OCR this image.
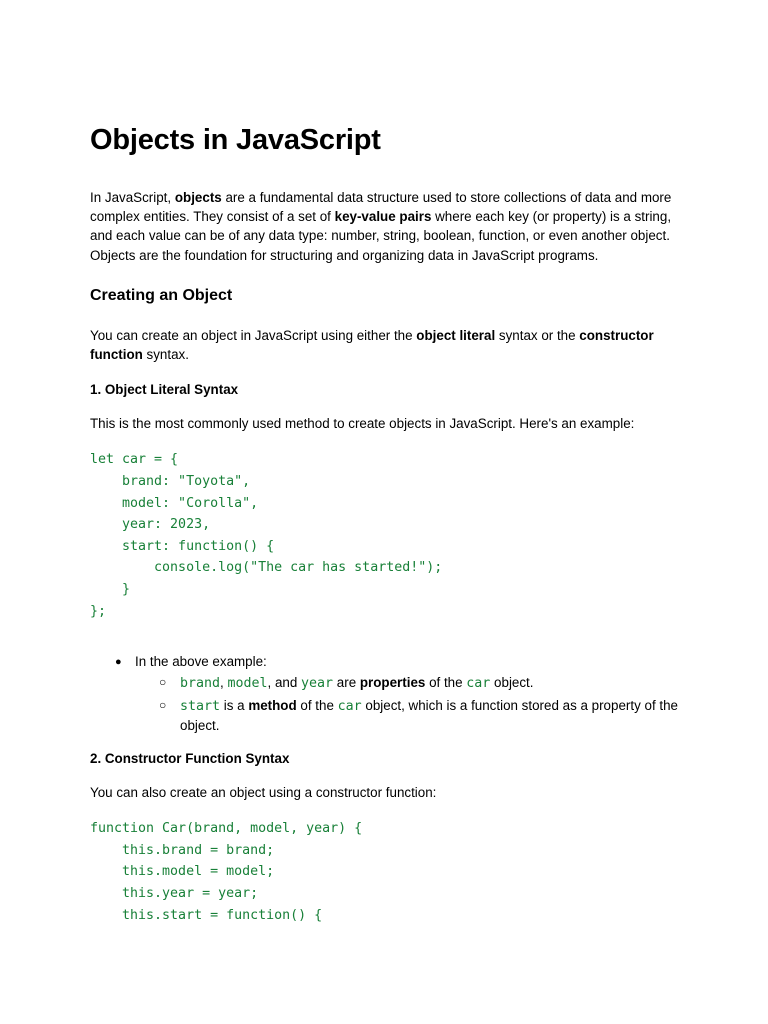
Objects in JavaScript

In JavaScript, objects are a fundamental data structure used to store collections of data and more complex entities. They consist of a set of key-value pairs where each key (or property) is a string, and each value can be of any data type: number, string, boolean, function, or even another object. Objects are the foundation for structuring and organizing data in JavaScript programs.

Creating an Object

You can create an object in JavaScript using either the object literal syntax or the constructor function syntax.

1. Object Literal Syntax

This is the most commonly used method to create objects in JavaScript. Here's an example:

let car = {
brand: "Toyota",
model: "Corolla",
year: 2023,
start: function() {
console.log("The car has started!");
}
};
● In the above example:
○ brand, model, and year are properties of the car object.
○ start is a method of the car object, which is a function stored as a property of the object.
2. Constructor Function Syntax

You can also create an object using a constructor function:

function Car(brand, model, year) {
this.brand = brand;
this.model = model;
this.year = year;
this.start = function() {
